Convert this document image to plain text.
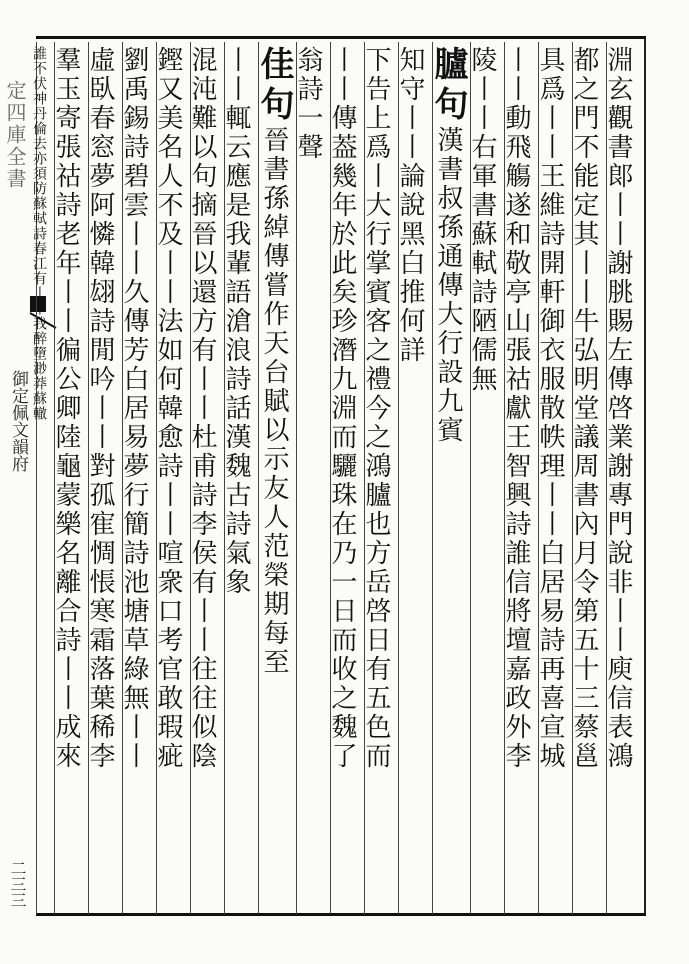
定四庫全書
御定佩文韻府
二三三
淵玄觀書郞丨丨謝朓賜左傳啓業謝專門說非丨丨庾信表鴻
都之門不能定其丨丨牛弘明堂議周書內月令第五十三蔡邕
具爲丨丨王維詩開軒御衣服散帙理丨丨白居易詩再喜宣城
丨丨動飛觴遂和敬亭山張祜獻王智興詩誰信將壇嘉政外李
陵丨丨右軍書蘇軾詩陋儒無
臚句漢書叔孫通傳大行設九賓
知守丨丨論說黑白推何詳
下告上爲丨大行掌賓客之禮今之鴻臚也方岳啓日有五色而
丨丨傳葢幾年於此矣珍潛九淵而驪珠在乃一日而收之魏了
翁詩一聲
佳句晉書孫綽傳嘗作天台賦以示友人范榮期每至
丨丨輒云應是我輩語滄浪詩話漢魏古詩氣象
混沌難以句摘晉以還方有丨丨杜甫詩李侯有丨丨往往似陰
鏗又美名人不及丨丨法如何韓愈詩丨丨喧衆口考官敢瑕疵
劉禹錫詩碧雲丨丨久傳芳白居易夢行簡詩池塘草綠無丨丨
虛臥春窓夢阿憐韓翃詩閒吟丨丨對孤寉惆悵寒霜落葉稀李
羣玉寄張祜詩老年丨丨徧公卿陸龜蒙樂名離合詩丨丨成來
誰不伏神丹倫去亦須防蘇軾詩春江有丨丨我醉墮渺莽蘇轍
